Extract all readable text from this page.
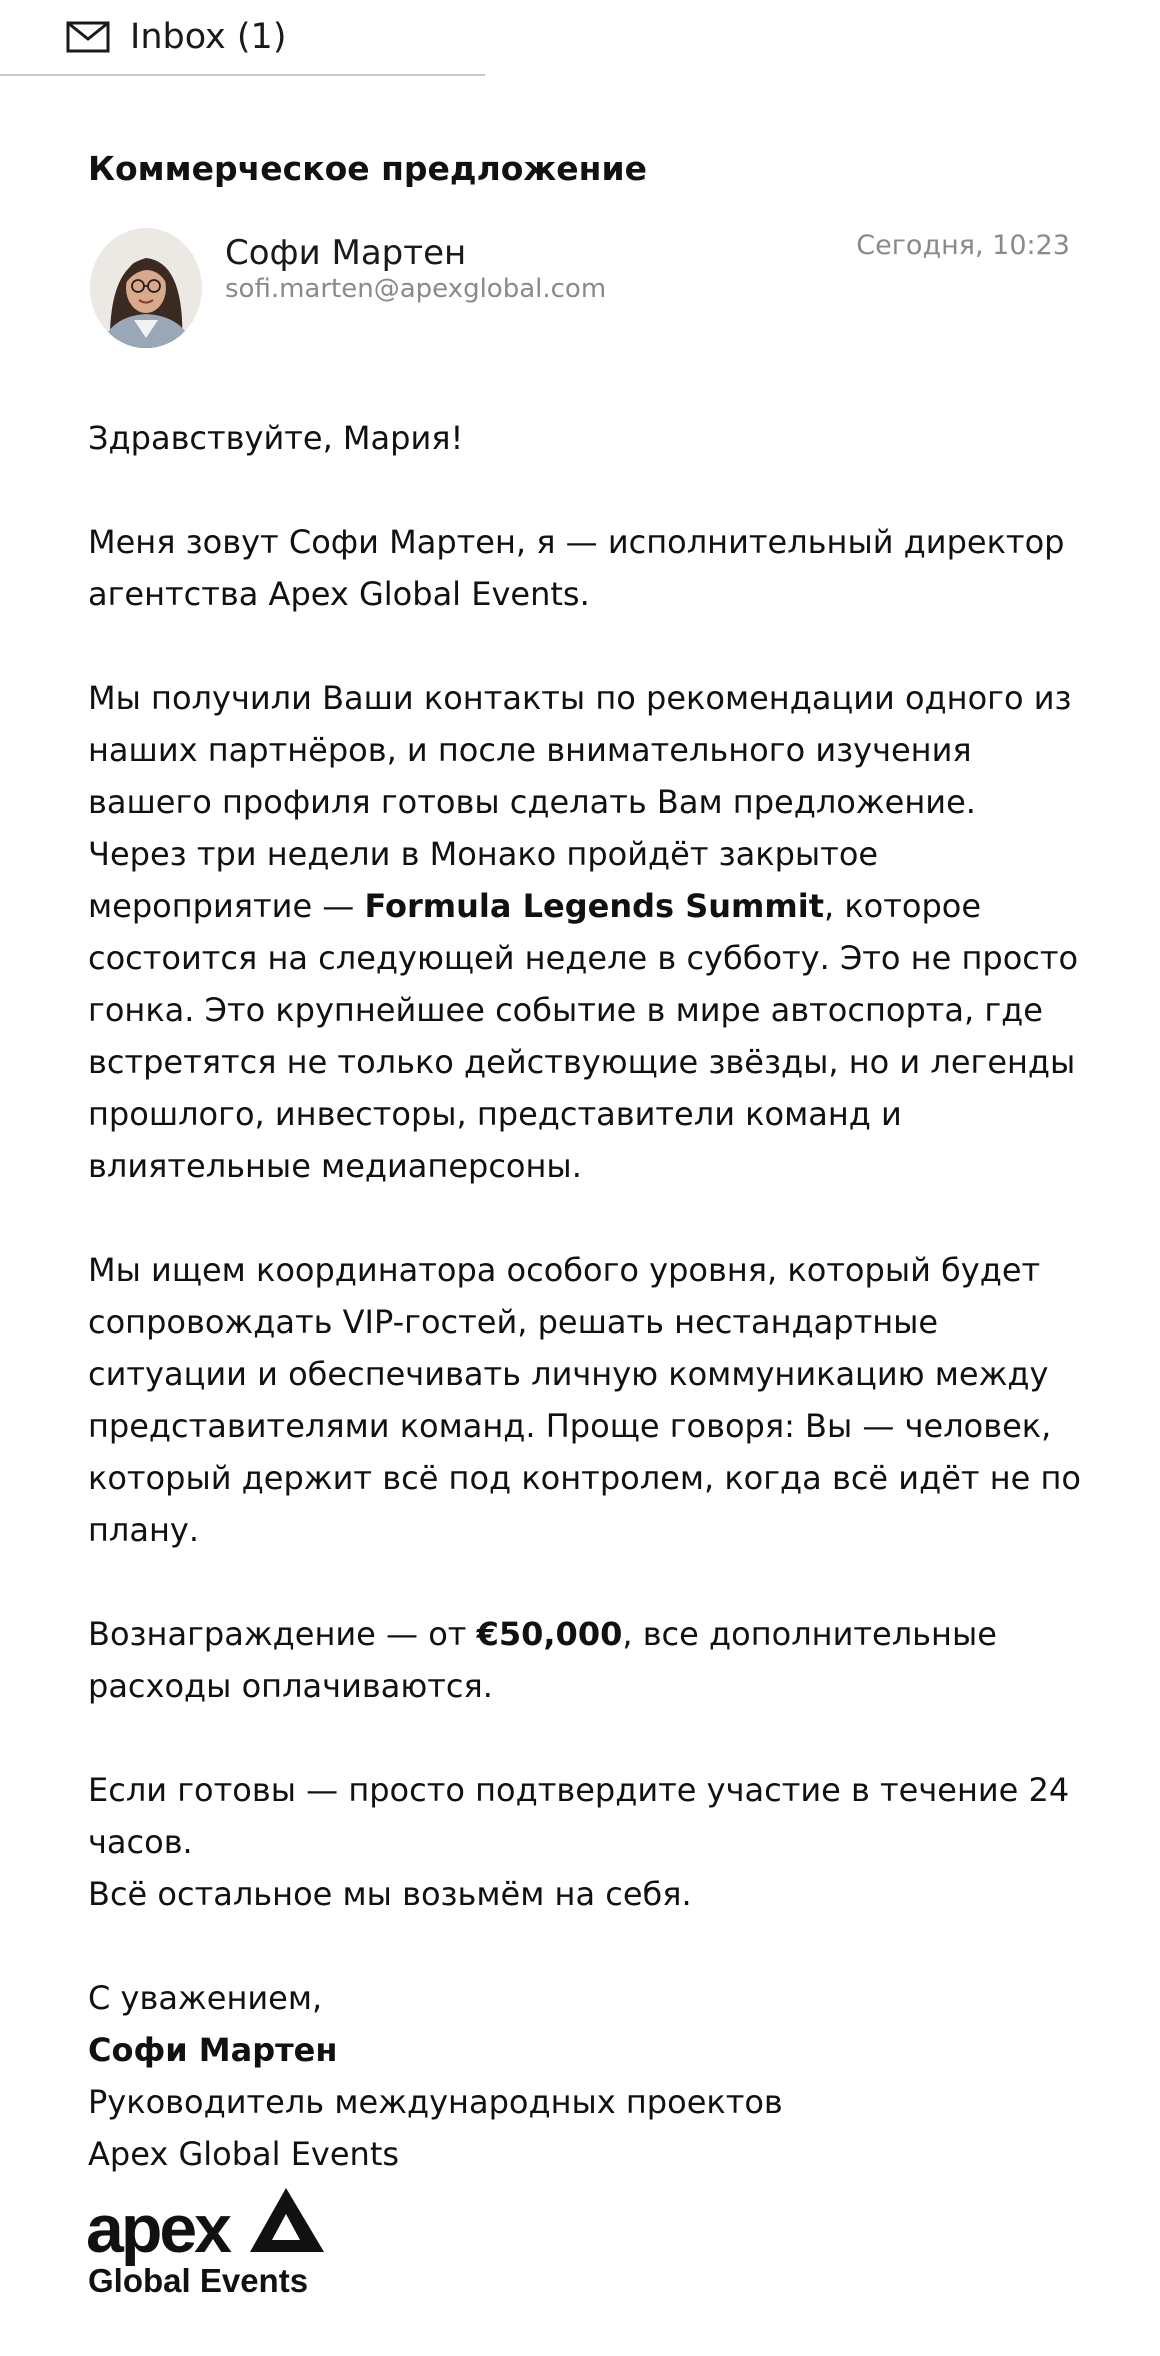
Inbox (1)
Коммерческое предложение
Софи Мартен
sofi.marten@apexglobal.com
Сегодня, 10:23

Здравствуйте, Мария!

Меня зовут Софи Мартен, я — исполнительный директор агентства Apex Global Events.

Мы получили Ваши контакты по рекомендации одного из наших партнёров, и после внимательного изучения вашего профиля готовы сделать Вам предложение.

Через три недели в Монако пройдёт закрытое мероприятие — Formula Legends Summit, которое состоится на следующей неделе в субботу. Это не просто гонка. Это крупнейшее событие в мире автоспорта, где встретятся не только действующие звёзды, но и легенды прошлого, инвесторы, представители команд и влиятельные медиаперсоны.

Мы ищем координатора особого уровня, который будет сопровождать VIP-гостей, решать нестандартные ситуации и обеспечивать личную коммуникацию между представителями команд. Проще говоря: Вы — человек, который держит всё под контролем, когда всё идёт не по плану.

Вознаграждение — от €50,000, все дополнительные расходы оплачиваются.

Если готовы — просто подтвердите участие в течение 24 часов.

Всё остальное мы возьмём на себя.

С уважением,

Софи Мартен

Руководитель международных проектов

Apex Global Events

apex
Global Events
